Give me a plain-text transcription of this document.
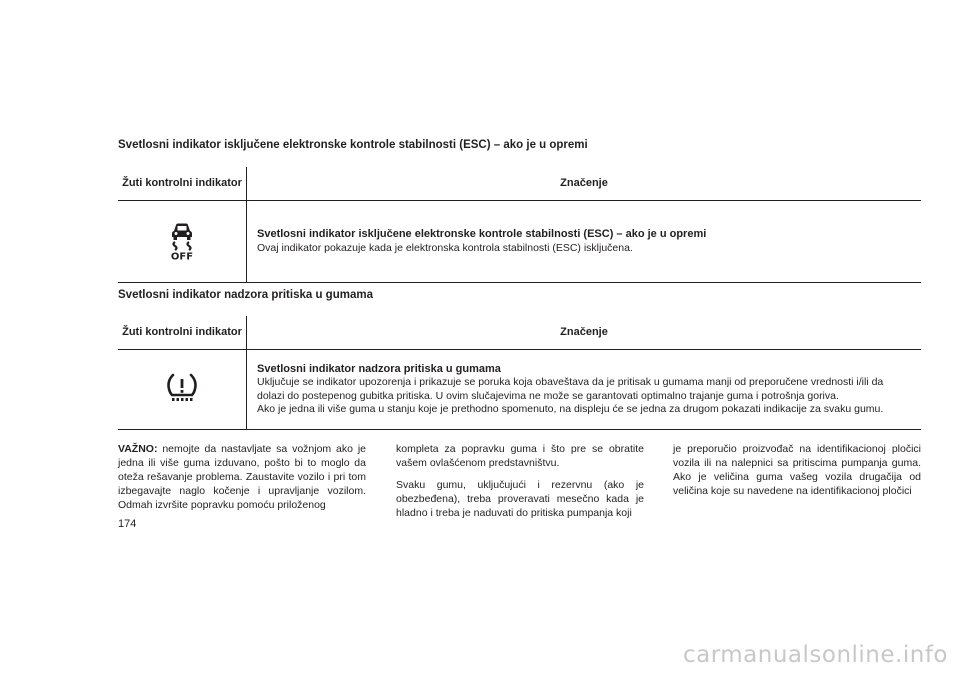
Svetlosni indikator isključene elektronske kontrole stabilnosti (ESC) – ako je u opremi
Žuti kontrolni indikator	Značenje

OFF	Svetlosni indikator isključene elektronske kontrole stabilnosti (ESC) – ako je u opremi
Ovaj indikator pokazuje kada je elektronska kontrola stabilnosti (ESC) isključena.
Svetlosni indikator nadzora pritiska u gumama
Žuti kontrolni indikator	Značenje

Svetlosni indikator nadzora pritiska u gumama
Uključuje se indikator upozorenja i prikazuje se poruka koja obaveštava da je pritisak u gumama manji od preporučene vrednosti i/ili da dolazi do postepenog gubitka pritiska. U ovim slučajevima ne može se garantovati optimalno trajanje guma i potrošnja goriva.
Ako je jedna ili više guma u stanju koje je prethodno spomenuto, na displeju će se jedna za drugom pokazati indikacije za svaku gumu.

VAŽNO: nemojte da nastavljate sa vožnjom ako je jedna ili više guma izduvano, pošto bi to moglo da oteža rešavanje problema. Zaustavite vozilo i pri tom izbegavajte naglo kočenje i upravljanje vozilom. Odmah izvršite popravku pomoću priloženog

kompleta za popravku guma i što pre se obratite vašem ovlašćenom predstavništvu.

Svaku gumu, uključujući i rezervnu (ako je obezbeđena), treba proveravati mesečno kada je hladno i treba je naduvati do pritiska pumpanja koji

je preporučio proizvođač na identifikacionoj pločici vozila ili na nalepnici sa pritiscima pumpanja guma. Ako je veličina guma vašeg vozila drugačija od veličina koje su navedene na identifikacionoj pločici

174
carmanualsonline.info
